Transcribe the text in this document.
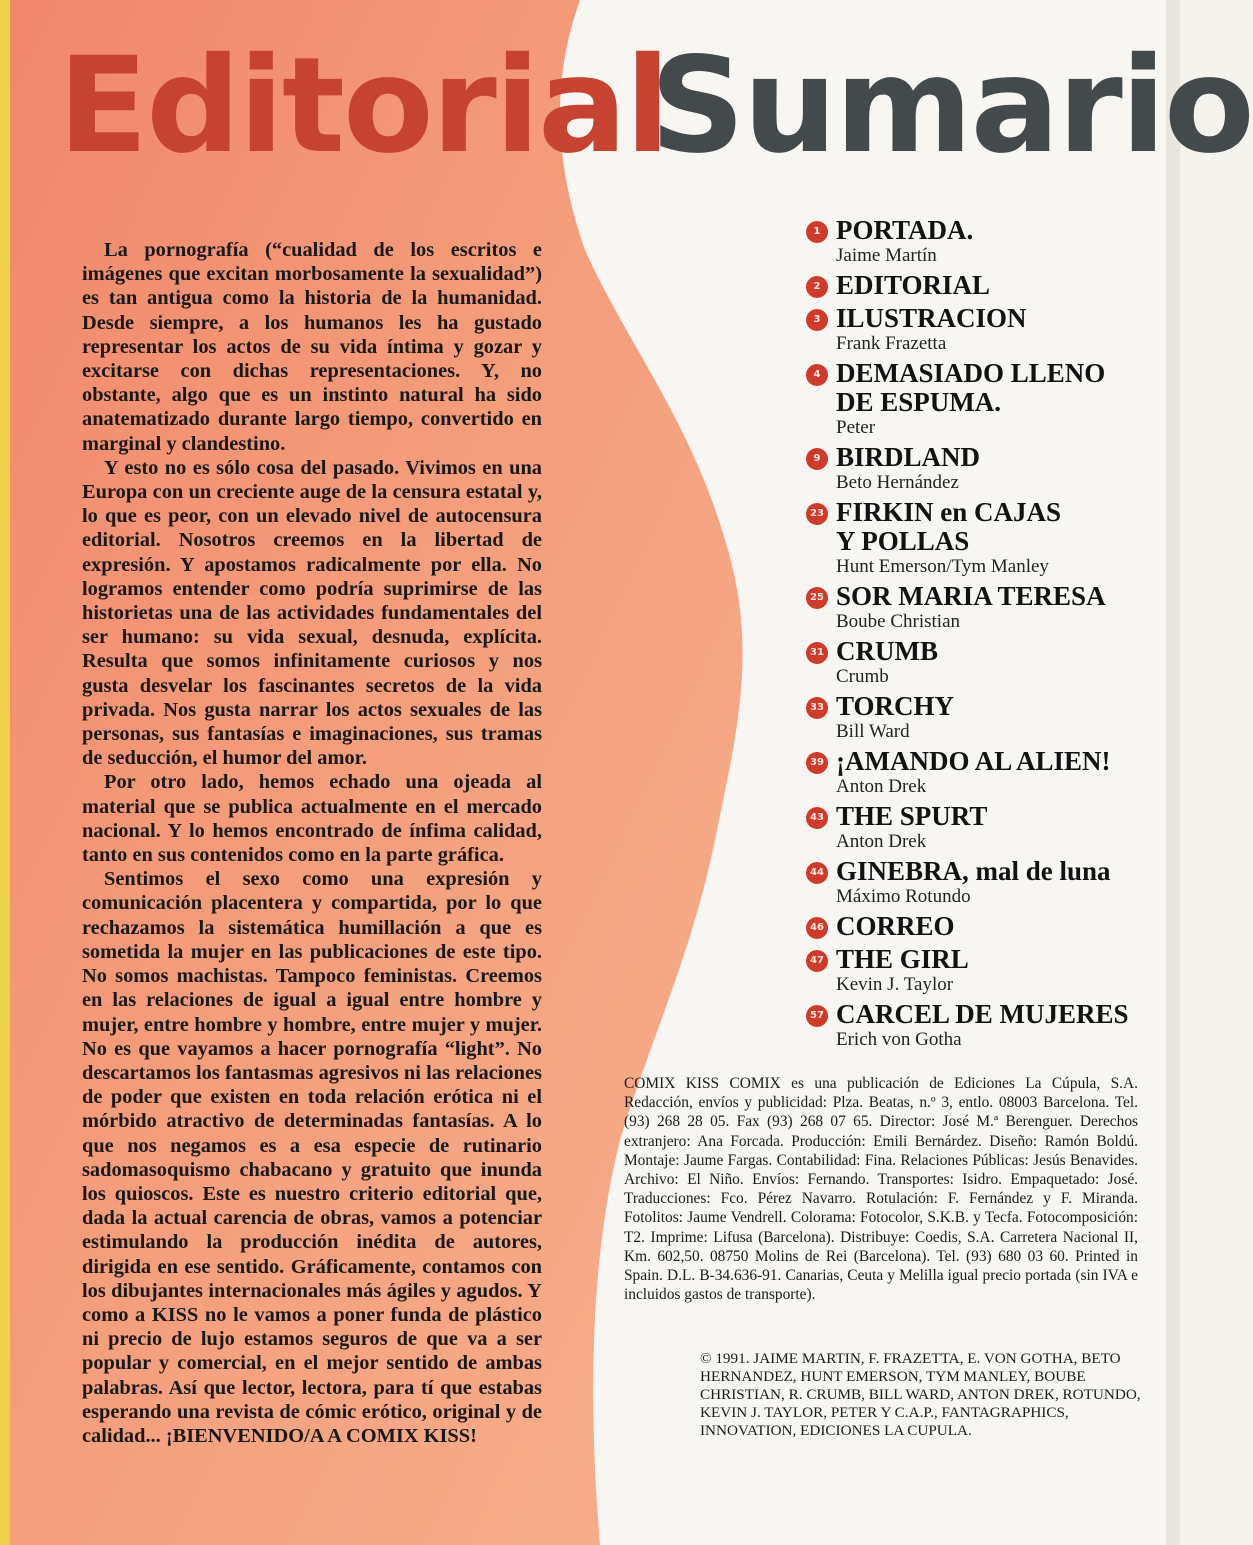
Editorial
Sumario

La pornografía (“cualidad de los escritos e imágenes que excitan morbosamente la sexualidad”) es tan antigua como la historia de la humanidad. Desde siempre, a los humanos les ha gustado representar los actos de su vida íntima y gozar y excitarse con dichas representaciones. Y, no obstante, algo que es un instinto natural ha sido anatematizado durante largo tiempo, convertido en marginal y clandestino.

Y esto no es sólo cosa del pasado. Vivimos en una Europa con un creciente auge de la censura estatal y, lo que es peor, con un elevado nivel de autocensura editorial. Nosotros creemos en la libertad de expresión. Y apostamos radicalmente por ella. No logramos entender como podría suprimirse de las historietas una de las actividades fundamentales del ser humano: su vida sexual, desnuda, explícita. Resulta que somos infinitamente curiosos y nos gusta desvelar los fascinantes secretos de la vida privada. Nos gusta narrar los actos sexuales de las personas, sus fantasías e imaginaciones, sus tramas de seducción, el humor del amor.

Por otro lado, hemos echado una ojeada al material que se publica actualmente en el mercado nacional. Y lo hemos encontrado de ínfima calidad, tanto en sus contenidos como en la parte gráfica.

Sentimos el sexo como una expresión y comunicación placentera y compartida, por lo que rechazamos la sistemática humillación a que es sometida la mujer en las publicaciones de este tipo. No somos machistas. Tampoco feministas. Creemos en las relaciones de igual a igual entre hombre y mujer, entre hombre y hombre, entre mujer y mujer. No es que vayamos a hacer pornografía “light”. No descartamos los fantasmas agresivos ni las relaciones de poder que existen en toda relación erótica ni el mórbido atractivo de determinadas fantasías. A lo que nos negamos es a esa especie de rutinario sadomasoquismo chabacano y gratuito que inunda los quioscos. Este es nuestro criterio editorial que, dada la actual carencia de obras, vamos a potenciar estimulando la producción inédita de autores, dirigida en ese sentido. Gráficamente, contamos con los dibujantes internacionales más ágiles y agudos. Y como a KISS no le vamos a poner funda de plástico ni precio de lujo estamos seguros de que va a ser popular y comercial, en el mejor sentido de ambas palabras. Así que lector, lectora, para tí que estabas esperando una revista de cómic erótico, original y de calidad... ¡BIENVENIDO/A A COMIX KISS!

1 PORTADA.
Jaime Martín
2 EDITORIAL
3 ILUSTRACION
Frank Frazetta
4 DEMASIADO LLENO
DE ESPUMA.
Peter
9 BIRDLAND
Beto Hernández
23 FIRKIN en CAJAS
Y POLLAS
Hunt Emerson/Tym Manley
25 SOR MARIA TERESA
Boube Christian
31 CRUMB
Crumb
33 TORCHY
Bill Ward
39 ¡AMANDO AL ALIEN!
Anton Drek
43 THE SPURT
Anton Drek
44 GINEBRA, mal de luna
Máximo Rotundo
46 CORREO
47 THE GIRL
Kevin J. Taylor
57 CARCEL DE MUJERES
Erich von Gotha

COMIX KISS COMIX es una publicación de Ediciones La Cúpula, S.A. Redacción, envíos y publicidad: Plza. Beatas, n.º 3, entlo. 08003 Barcelona. Tel. (93) 268 28 05. Fax (93) 268 07 65. Director: José M.ª Berenguer. Derechos extranjero: Ana Forcada. Producción: Emili Bernárdez. Diseño: Ramón Boldú. Montaje: Jaume Fargas. Contabilidad: Fina. Relaciones Públicas: Jesús Benavides. Archivo: El Niño. Envíos: Fernando. Transportes: Isidro. Empaquetado: José. Traducciones: Fco. Pérez Navarro. Rotulación: F. Fernández y F. Miranda. Fotolitos: Jaume Vendrell. Colorama: Fotocolor, S.K.B. y Tecfa. Fotocomposición: T2. Imprime: Lifusa (Barcelona). Distribuye: Coedis, S.A. Carretera Nacional II, Km. 602,50. 08750 Molins de Rei (Barcelona). Tel. (93) 680 03 60. Printed in Spain. D.L. B-34.636-91. Canarias, Ceuta y Melilla igual precio portada (sin IVA e incluidos gastos de transporte).

© 1991. JAIME MARTIN, F. FRAZETTA, E. VON GOTHA, BETO HERNANDEZ, HUNT EMERSON, TYM MANLEY, BOUBE CHRISTIAN, R. CRUMB, BILL WARD, ANTON DREK, ROTUNDO, KEVIN J. TAYLOR, PETER Y C.A.P., FANTAGRAPHICS, INNOVATION, EDICIONES LA CUPULA.
